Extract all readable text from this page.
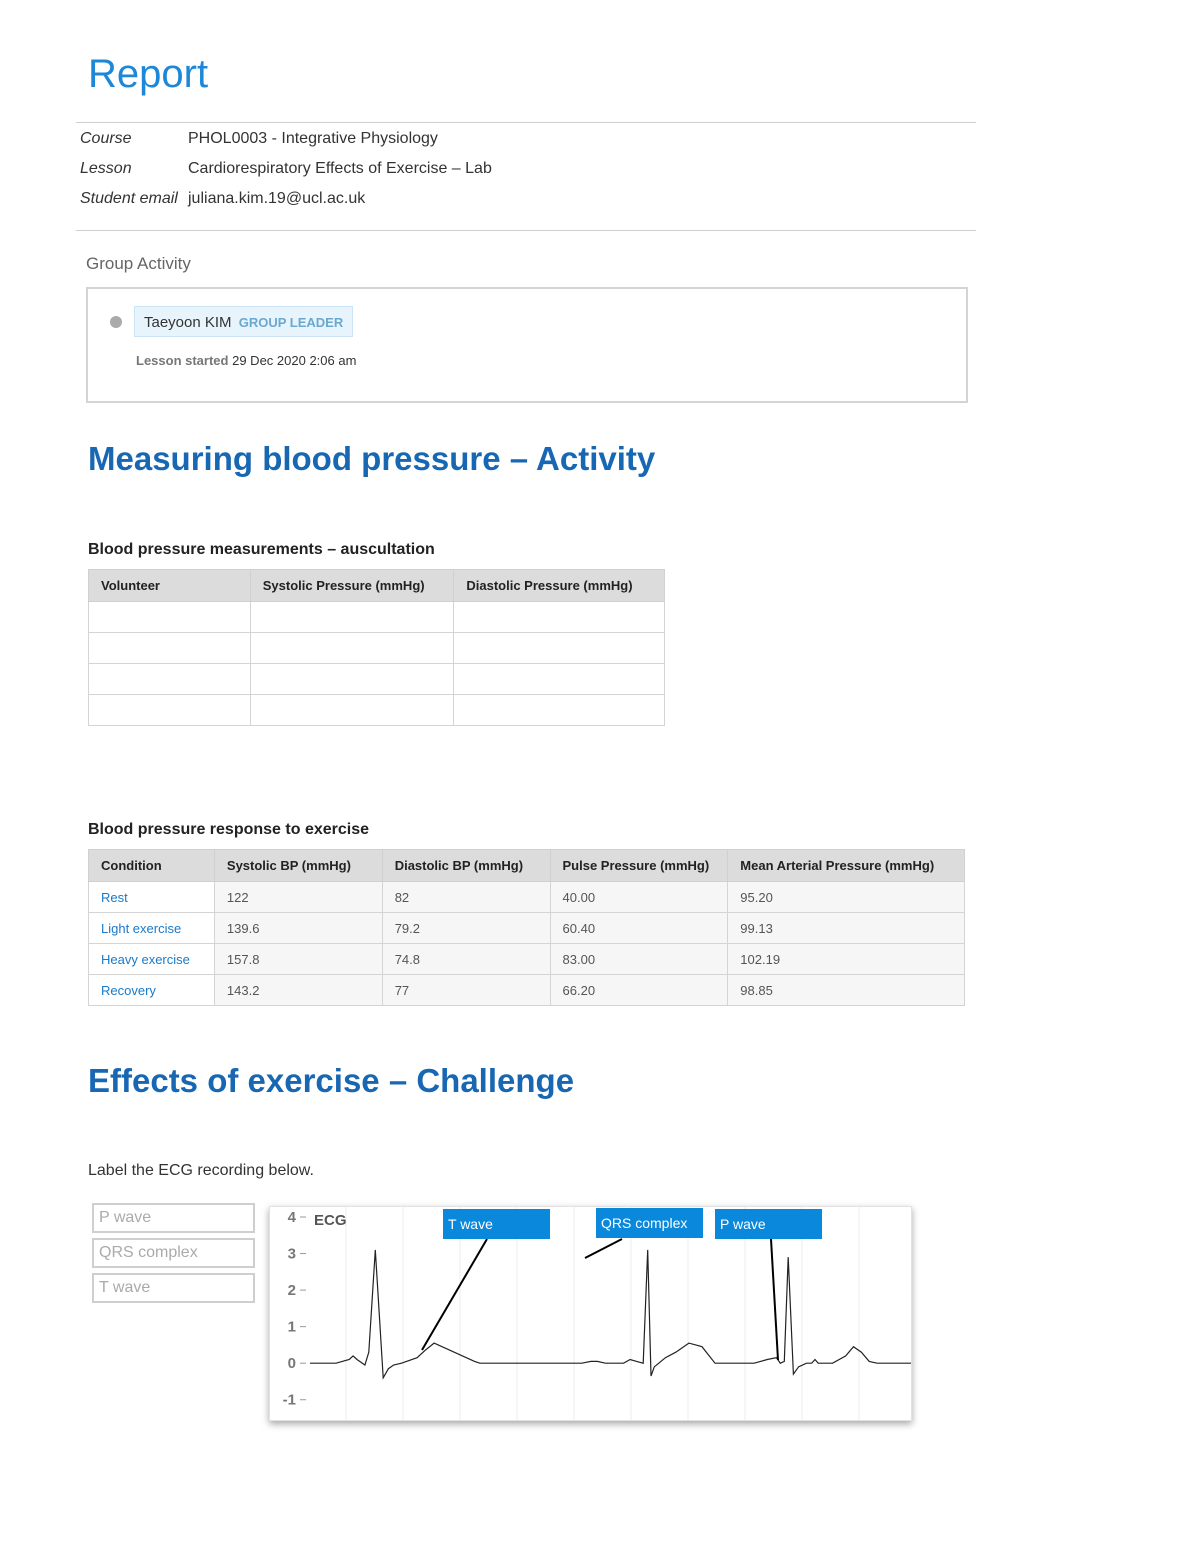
Report
Course	PHOL0003 - Integrative Physiology
Lesson	Cardiorespiratory Effects of Exercise – Lab
Student email juliana.kim.19@ucl.ac.uk
Group Activity
Taeyoon KIM GROUP LEADER
Lesson started 29 Dec 2020 2:06 am
Measuring blood pressure – Activity
Blood pressure measurements – auscultation
Volunteer	Systolic Pressure (mmHg)	Diastolic Pressure (mmHg)

Blood pressure response to exercise
Condition	Systolic BP (mmHg)	Diastolic BP (mmHg)	Pulse Pressure (mmHg)	Mean Arterial Pressure (mmHg)
Rest	122	82	40.00	95.20
Light exercise	139.6	79.2	60.40	99.13
Heavy exercise	157.8	74.8	83.00	102.19
Recovery	143.2	77	66.20	98.85
Effects of exercise – Challenge
Label the ECG recording below.
P wave
QRS complex
T wave
4
3
2
1
0
-1
ECG	T wave	QRS complex	P wave
